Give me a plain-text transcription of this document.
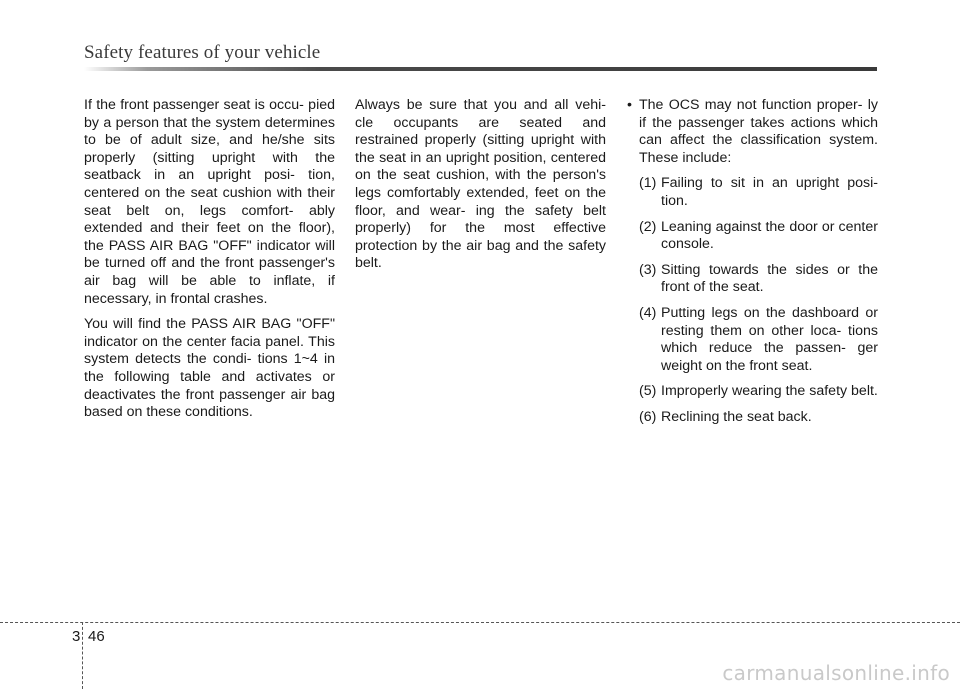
Safety features of your vehicle

If the front passenger seat is occu- pied by a person that the system determines to be of adult size, and he/she sits properly (sitting upright with the seatback in an upright posi- tion, centered on the seat cushion with their seat belt on, legs comfort- ably extended and their feet on the floor), the PASS AIR BAG "OFF" indicator will be turned off and the front passenger's air bag will be able to inflate, if necessary, in frontal crashes.

You will find the PASS AIR BAG "OFF" indicator on the center facia panel. This system detects the condi- tions 1~4 in the following table and activates or deactivates the front passenger air bag based on these conditions.

Always be sure that you and all vehi- cle occupants are seated and restrained properly (sitting upright with the seat in an upright position, centered on the seat cushion, with the person's legs comfortably extended, feet on the floor, and wear- ing the safety belt properly) for the most effective protection by the air bag and the safety belt.

• The OCS may not function proper- ly if the passenger takes actions which can affect the classification system. These include:
(1) Failing to sit in an upright posi- tion.
(2) Leaning against the door or center console.
(3) Sitting towards the sides or the front of the seat.
(4) Putting legs on the dashboard or resting them on other loca- tions which reduce the passen- ger weight on the front seat.
(5) Improperly wearing the safety belt.
(6) Reclining the seat back.
3 46
carmanualsonline.info
